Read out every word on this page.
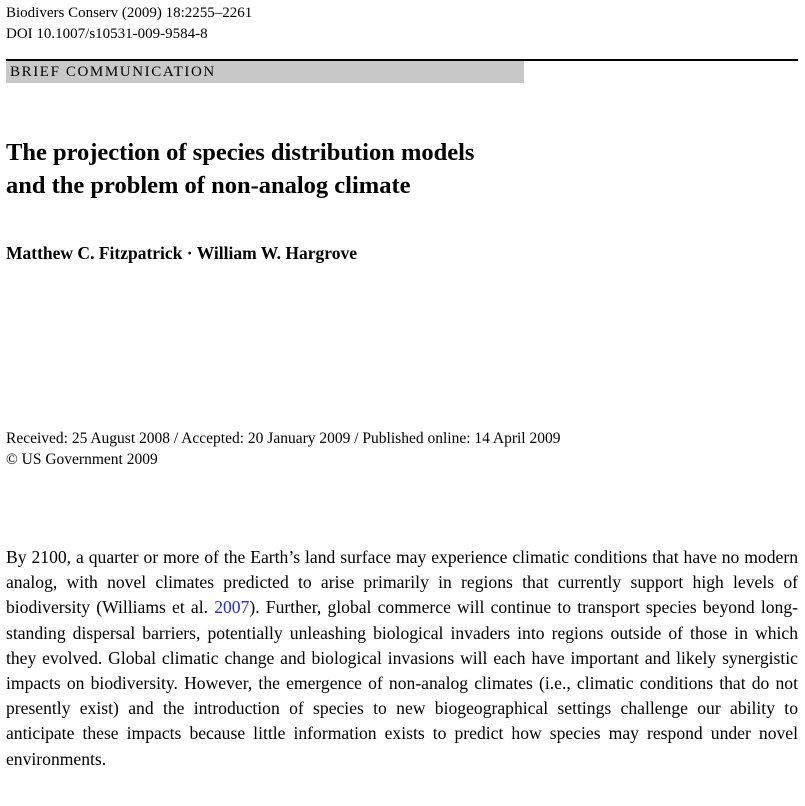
Biodivers Conserv (2009) 18:2255–2261
DOI 10.1007/s10531-009-9584-8
BRIEF COMMUNICATION
The projection of species distribution models
and the problem of non-analog climate
Matthew C. Fitzpatrick · William W. Hargrove
Received: 25 August 2008 / Accepted: 20 January 2009 / Published online: 14 April 2009
© US Government 2009

By 2100, a quarter or more of the Earth’s land surface may experience climatic conditions that have no modern analog, with novel climates predicted to arise primarily in regions that currently support high levels of biodiversity (Williams et al. 2007). Further, global commerce will continue to transport species beyond long-standing dispersal barriers, potentially unleashing biological invaders into regions outside of those in which they evolved. Global climatic change and biological invasions will each have important and likely synergistic impacts on biodiversity. However, the emergence of non-analog climates (i.e., climatic conditions that do not presently exist) and the introduction of species to new biogeographical settings challenge our ability to anticipate these impacts because little information exists to predict how species may respond under novel environments.
